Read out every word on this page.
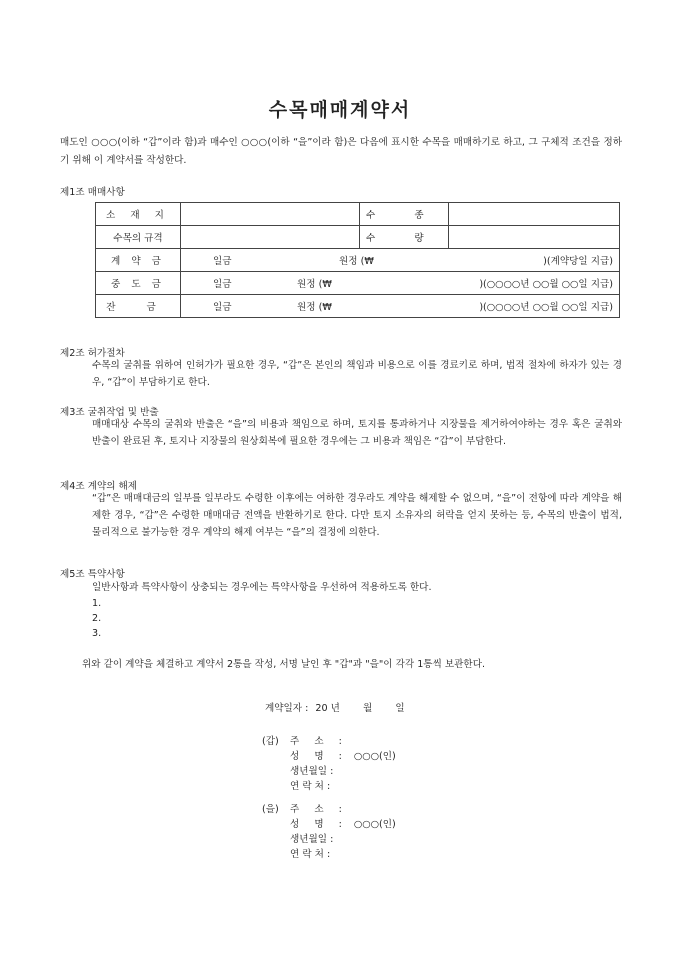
수목매매계약서
매도인 ○○○(이하 “갑”이라 함)과 매수인 ○○○(이하 “을”이라 함)은 다음에 표시한 수목을 매매하기로 하고, 그 구체적 조건을 정하기 위해 이 계약서를 작성한다.
제1조 매매사항
소 재 지		수 종	
수목의 규격		수 량	
계 약 금	일금 원정 (₩ )(계약당일 지급)		

중 도 금	일금 원정 (₩ )(○○○○년 ○○월 ○○일 지급)		

잔 금	일금 원정 (₩ )(○○○○년 ○○월 ○○일 지급)		
제2조 허가절차
수목의 굴취를 위하여 인허가가 필요한 경우, “갑”은 본인의 책임과 비용으로 이를 경료키로 하며, 법적 절차에 하자가 있는 경우, “갑”이 부담하기로 한다.
제3조 굴취작업 및 반출
매매대상 수목의 굴취와 반출은 “을”의 비용과 책임으로 하며, 토지를 통과하거나 지장물을 제거하여야하는 경우 혹은 굴취와 반출이 완료된 후, 토지나 지장물의 원상회복에 필요한 경우에는 그 비용과 책임은 “갑”이 부담한다.
제4조 계약의 해제
“갑”은 매매대금의 일부를 일부라도 수령한 이후에는 여하한 경우라도 계약을 해제할 수 없으며, “을”이 전항에 따라 계약을 해제한 경우, “갑”은 수령한 매매대금 전액을 반환하기로 한다. 다만 토지 소유자의 허락을 얻지 못하는 등, 수목의 반출이 법적, 물리적으로 불가능한 경우 계약의 해제 여부는 “을”의 결정에 의한다.
제5조 특약사항
일반사항과 특약사항이 상충되는 경우에는 특약사항을 우선하여 적용하도록 한다.
1.
2.
3.
위와 같이 계약을 체결하고 계약서 2통을 작성, 서명 날인 후 "갑"과 "을"이 각각 1통씩 보관한다.
계약일자 : 20 년 월 일
(갑)	주 소 :
성 명 : ○○○(인)
생년월일 :
연 락 처 :
(을)	주 소 :
성 명 : ○○○(인)
생년월일 :
연 락 처 :
